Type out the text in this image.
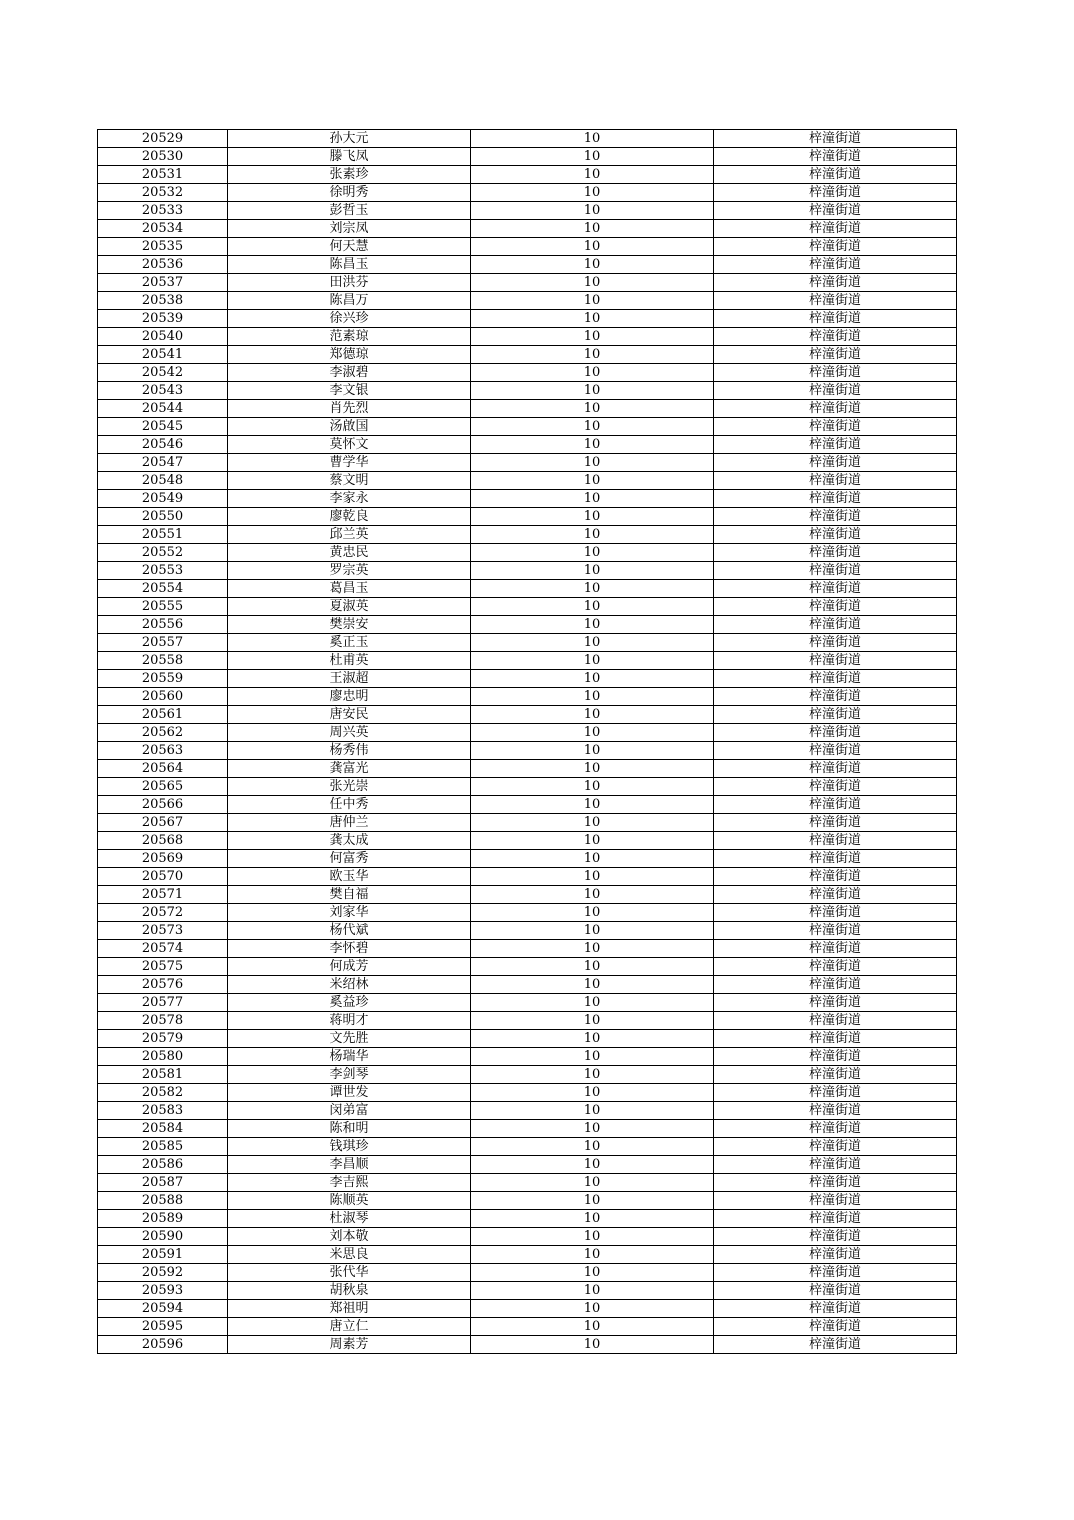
20529	孙大元	10	梓潼街道
20530	滕飞凤	10	梓潼街道
20531	张素珍	10	梓潼街道
20532	徐明秀	10	梓潼街道
20533	彭哲玉	10	梓潼街道
20534	刘宗凤	10	梓潼街道
20535	何天慧	10	梓潼街道
20536	陈昌玉	10	梓潼街道
20537	田洪芬	10	梓潼街道
20538	陈昌万	10	梓潼街道
20539	徐兴珍	10	梓潼街道
20540	范素琼	10	梓潼街道
20541	郑德琼	10	梓潼街道
20542	李淑碧	10	梓潼街道
20543	李文银	10	梓潼街道
20544	肖先烈	10	梓潼街道
20545	汤啟国	10	梓潼街道
20546	莫怀文	10	梓潼街道
20547	曹学华	10	梓潼街道
20548	蔡文明	10	梓潼街道
20549	李家永	10	梓潼街道
20550	廖乾良	10	梓潼街道
20551	邱兰英	10	梓潼街道
20552	黄忠民	10	梓潼街道
20553	罗宗英	10	梓潼街道
20554	葛昌玉	10	梓潼街道
20555	夏淑英	10	梓潼街道
20556	樊崇安	10	梓潼街道
20557	奚正玉	10	梓潼街道
20558	杜甫英	10	梓潼街道
20559	王淑超	10	梓潼街道
20560	廖忠明	10	梓潼街道
20561	唐安民	10	梓潼街道
20562	周兴英	10	梓潼街道
20563	杨秀伟	10	梓潼街道
20564	龚富光	10	梓潼街道
20565	张光崇	10	梓潼街道
20566	任中秀	10	梓潼街道
20567	唐仲兰	10	梓潼街道
20568	龚太成	10	梓潼街道
20569	何富秀	10	梓潼街道
20570	欧玉华	10	梓潼街道
20571	樊自福	10	梓潼街道
20572	刘家华	10	梓潼街道
20573	杨代斌	10	梓潼街道
20574	李怀碧	10	梓潼街道
20575	何成芳	10	梓潼街道
20576	米绍林	10	梓潼街道
20577	奚益珍	10	梓潼街道
20578	蒋明才	10	梓潼街道
20579	文先胜	10	梓潼街道
20580	杨瑞华	10	梓潼街道
20581	李剑琴	10	梓潼街道
20582	谭世发	10	梓潼街道
20583	闵弟富	10	梓潼街道
20584	陈和明	10	梓潼街道
20585	钱琪珍	10	梓潼街道
20586	李昌顺	10	梓潼街道
20587	李吉熙	10	梓潼街道
20588	陈顺英	10	梓潼街道
20589	杜淑琴	10	梓潼街道
20590	刘本敬	10	梓潼街道
20591	米思良	10	梓潼街道
20592	张代华	10	梓潼街道
20593	胡秋泉	10	梓潼街道
20594	郑祖明	10	梓潼街道
20595	唐立仁	10	梓潼街道
20596	周素芳	10	梓潼街道
